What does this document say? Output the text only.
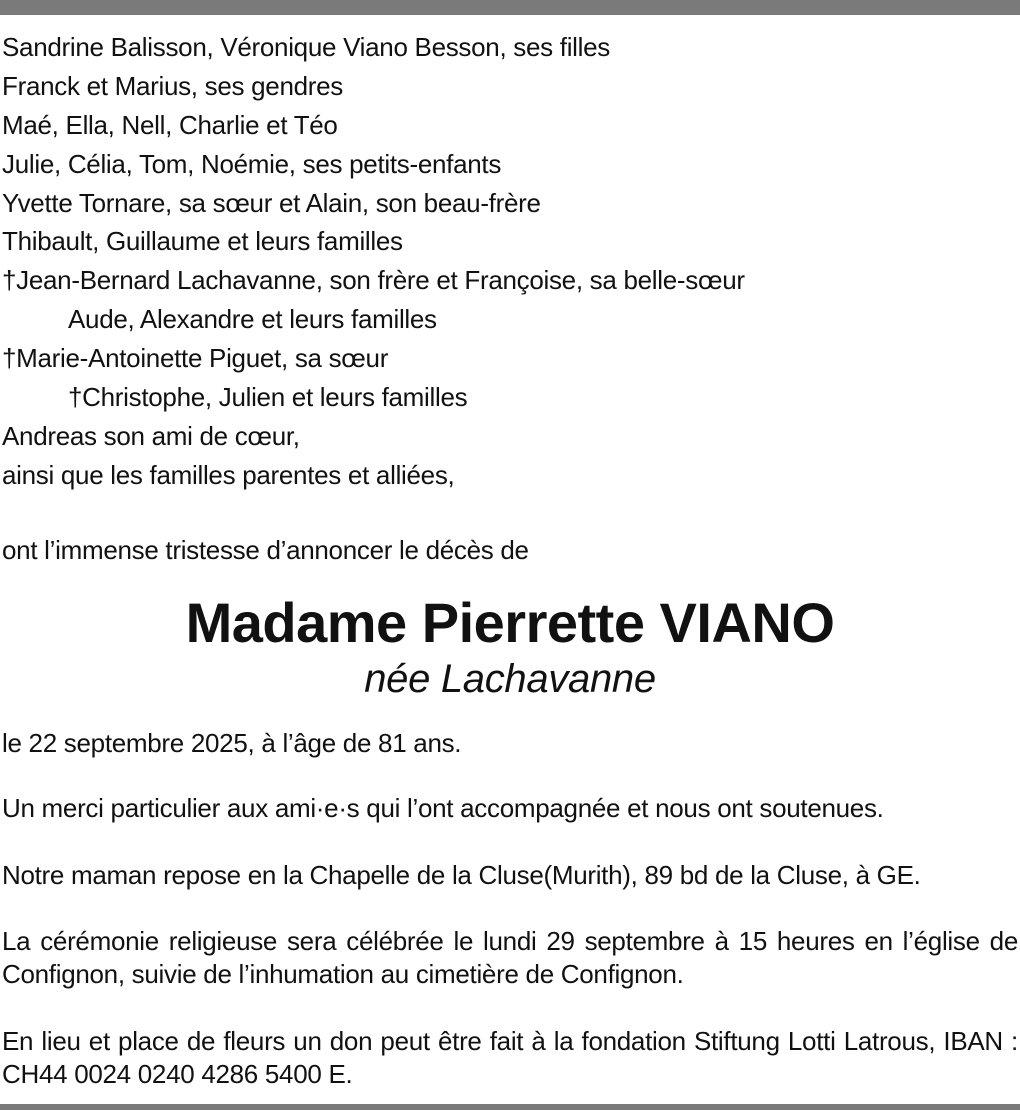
Sandrine Balisson, Véronique Viano Besson, ses filles
Franck et Marius, ses gendres
Maé, Ella, Nell, Charlie et Téo
Julie, Célia, Tom, Noémie, ses petits-enfants
Yvette Tornare, sa sœur et Alain, son beau-frère
Thibault, Guillaume et leurs familles
†Jean-Bernard Lachavanne, son frère et Françoise, sa belle-sœur
Aude, Alexandre et leurs familles
†Marie-Antoinette Piguet, sa sœur
†Christophe, Julien et leurs familles
Andreas son ami de cœur,
ainsi que les familles parentes et alliées,
ont l’immense tristesse d’annoncer le décès de
Madame Pierrette VIANO
née Lachavanne
le 22 septembre 2025, à l’âge de 81 ans.
Un merci particulier aux ami·e·s qui l’ont accompagnée et nous ont soutenues.
Notre maman repose en la Chapelle de la Cluse(Murith), 89 bd de la Cluse, à GE.
La cérémonie religieuse sera célébrée le lundi 29 septembre à 15 heures en l’église de Confignon, suivie de l’inhumation au cimetière de Confignon.
En lieu et place de fleurs un don peut être fait à la fondation Stiftung Lotti Latrous, IBAN : CH44 0024 0240 4286 5400 E.
